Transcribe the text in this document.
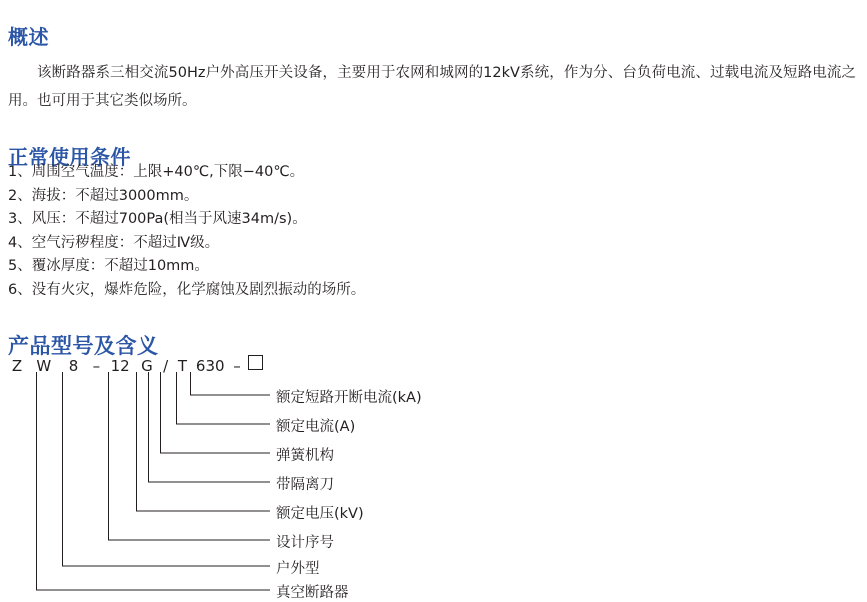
概述

该断路器系三相交流50Hz户外高压开关设备，主要用于农网和城网的12kV系统，作为分、台负荷电流、过载电流及短路电流之用。也可用于其它类似场所。

正常使用条件
1、周围空气温度：上限+40℃,下限−40℃。
2、海拔：不超过3000mm。
3、风压：不超过700Pa(相当于风速34m/s)。
4、空气污秽程度：不超过Ⅳ级。
5、覆冰厚度：不超过10mm。
6、没有火灾，爆炸危险，化学腐蚀及剧烈振动的场所。
产品型号及含义
Z W 8 – 12 G / T 630 –
额定短路开断电流(kA)
额定电流(A)
弹簧机构
带隔离刀
额定电压(kV)
设计序号
户外型
真空断路器
